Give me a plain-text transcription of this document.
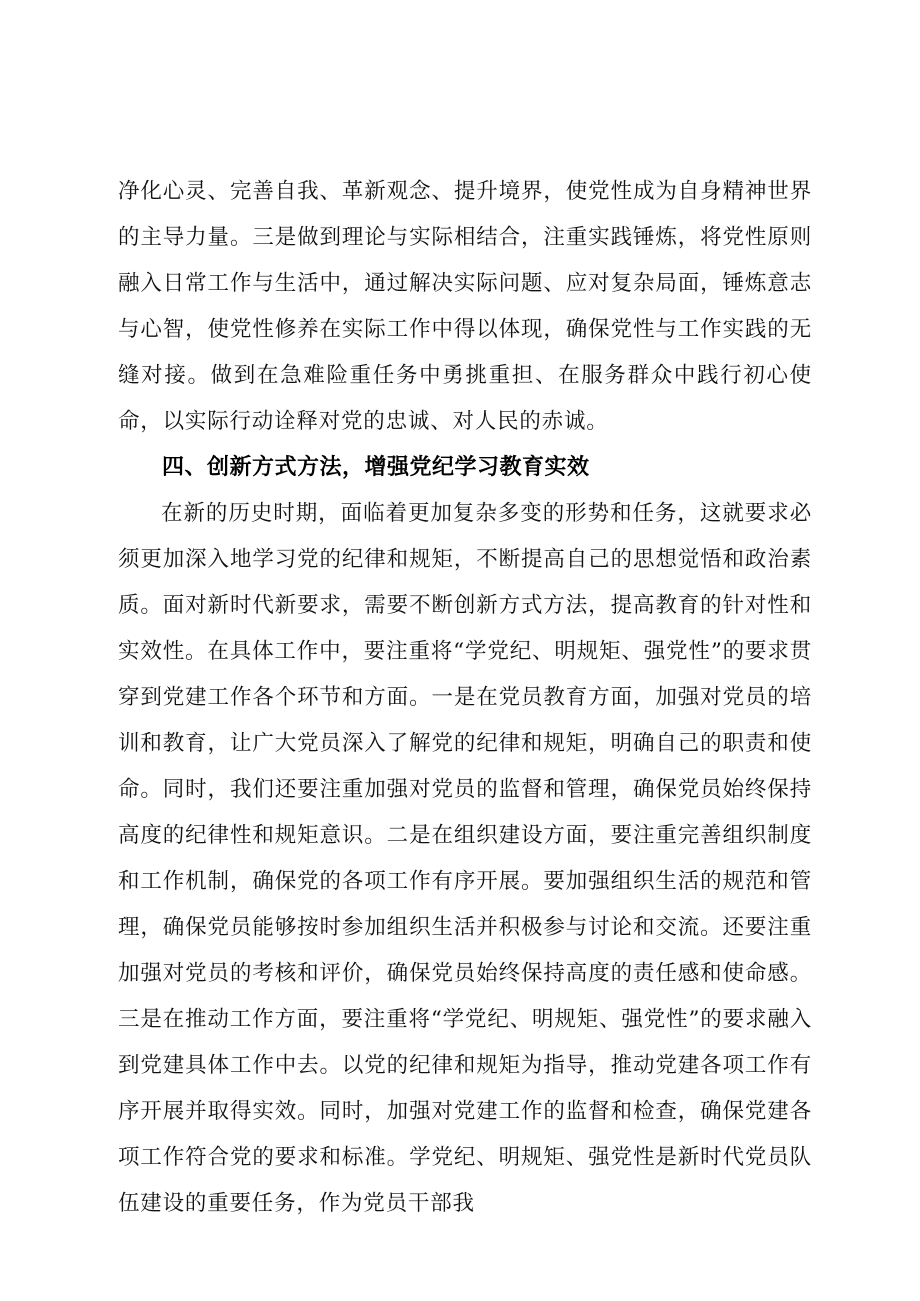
净化心灵、完善自我、革新观念、提升境界，使党性成为自身精神世界的主导力量。三是做到理论与实际相结合，注重实践锤炼，将党性原则融入日常工作与生活中，通过解决实际问题、应对复杂局面，锤炼意志与心智，使党性修养在实际工作中得以体现，确保党性与工作实践的无缝对接。做到在急难险重任务中勇挑重担、在服务群众中践行初心使命，以实际行动诠释对党的忠诚、对人民的赤诚。

四、创新方式方法，增强党纪学习教育实效

在新的历史时期，面临着更加复杂多变的形势和任务，这就要求必须更加深入地学习党的纪律和规矩，不断提高自己的思想觉悟和政治素质。面对新时代新要求，需要不断创新方式方法，提高教育的针对性和实效性。在具体工作中，要注重将“学党纪、明规矩、强党性”的要求贯穿到党建工作各个环节和方面。一是在党员教育方面，加强对党员的培训和教育，让广大党员深入了解党的纪律和规矩，明确自己的职责和使命。同时，我们还要注重加强对党员的监督和管理，确保党员始终保持高度的纪律性和规矩意识。二是在组织建设方面，要注重完善组织制度和工作机制，确保党的各项工作有序开展。要加强组织生活的规范和管理，确保党员能够按时参加组织生活并积极参与讨论和交流。还要注重加强对党员的考核和评价，确保党员始终保持高度的责任感和使命感。三是在推动工作方面，要注重将“学党纪、明规矩、强党性”的要求融入到党建具体工作中去。以党的纪律和规矩为指导，推动党建各项工作有序开展并取得实效。同时，加强对党建工作的监督和检查，确保党建各项工作符合党的要求和标准。学党纪、明规矩、强党性是新时代党员队伍建设的重要任务，作为党员干部我
